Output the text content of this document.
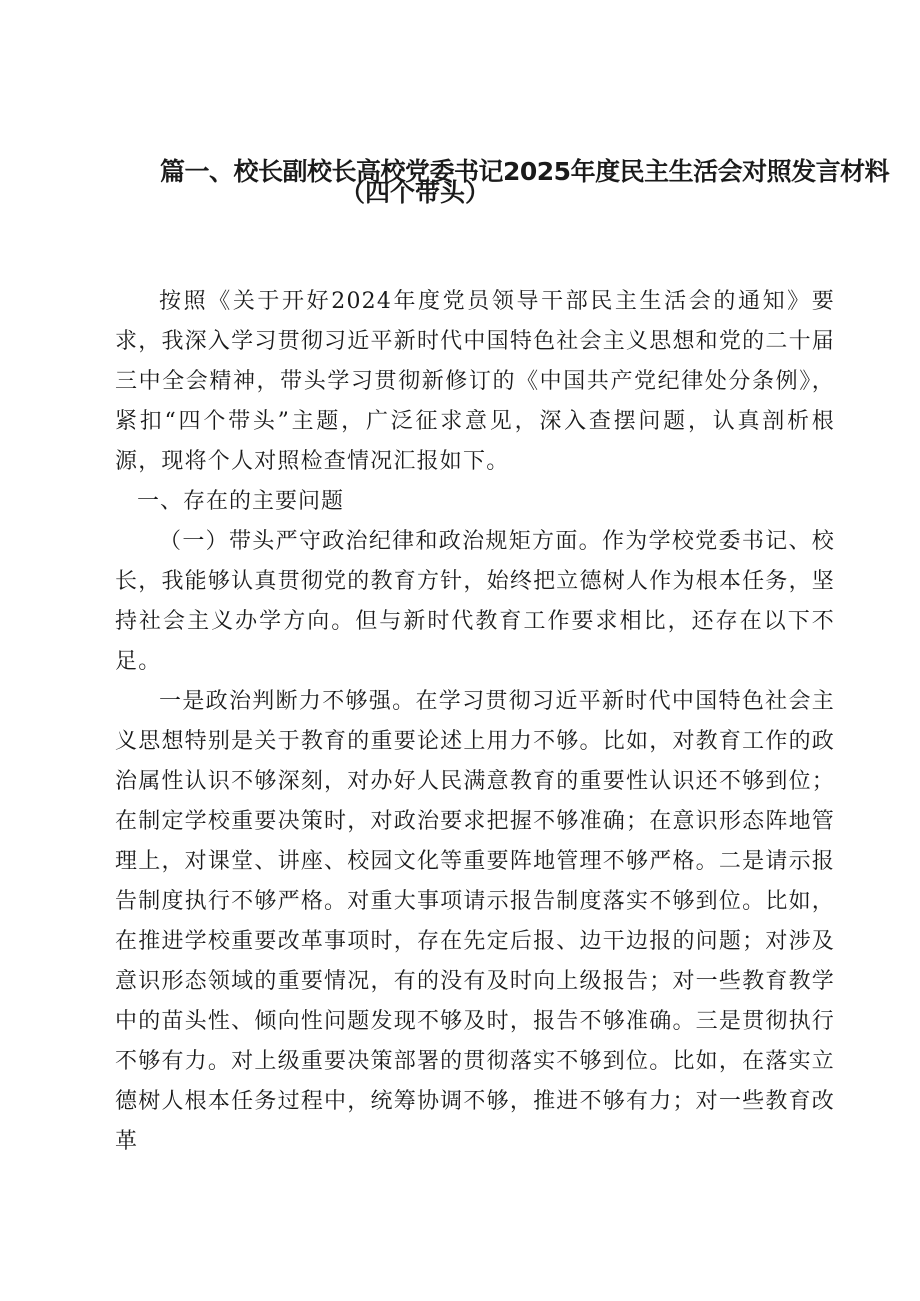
篇一、校长副校长高校党委书记2025年度民主生活会对照发言材料
（四个带头）

按照《关于开好2024年度党员领导干部民主生活会的通知》要求，我深入学习贯彻习近平新时代中国特色社会主义思想和党的二十届三中全会精神，带头学习贯彻新修订的《中国共产党纪律处分条例》，紧扣“四个带头”主题，广泛征求意见，深入查摆问题，认真剖析根源，现将个人对照检查情况汇报如下。

一、存在的主要问题

（一）带头严守政治纪律和政治规矩方面。作为学校党委书记、校长，我能够认真贯彻党的教育方针，始终把立德树人作为根本任务，坚持社会主义办学方向。但与新时代教育工作要求相比，还存在以下不足。

一是政治判断力不够强。在学习贯彻习近平新时代中国特色社会主义思想特别是关于教育的重要论述上用力不够。比如，对教育工作的政治属性认识不够深刻，对办好人民满意教育的重要性认识还不够到位；在制定学校重要决策时，对政治要求把握不够准确；在意识形态阵地管理上，对课堂、讲座、校园文化等重要阵地管理不够严格。二是请示报告制度执行不够严格。对重大事项请示报告制度落实不够到位。比如，在推进学校重要改革事项时，存在先定后报、边干边报的问题；对涉及意识形态领域的重要情况，有的没有及时向上级报告；对一些教育教学中的苗头性、倾向性问题发现不够及时，报告不够准确。三是贯彻执行不够有力。对上级重要决策部署的贯彻落实不够到位。比如，在落实立德树人根本任务过程中，统筹协调不够，推进不够有力；对一些教育改革
